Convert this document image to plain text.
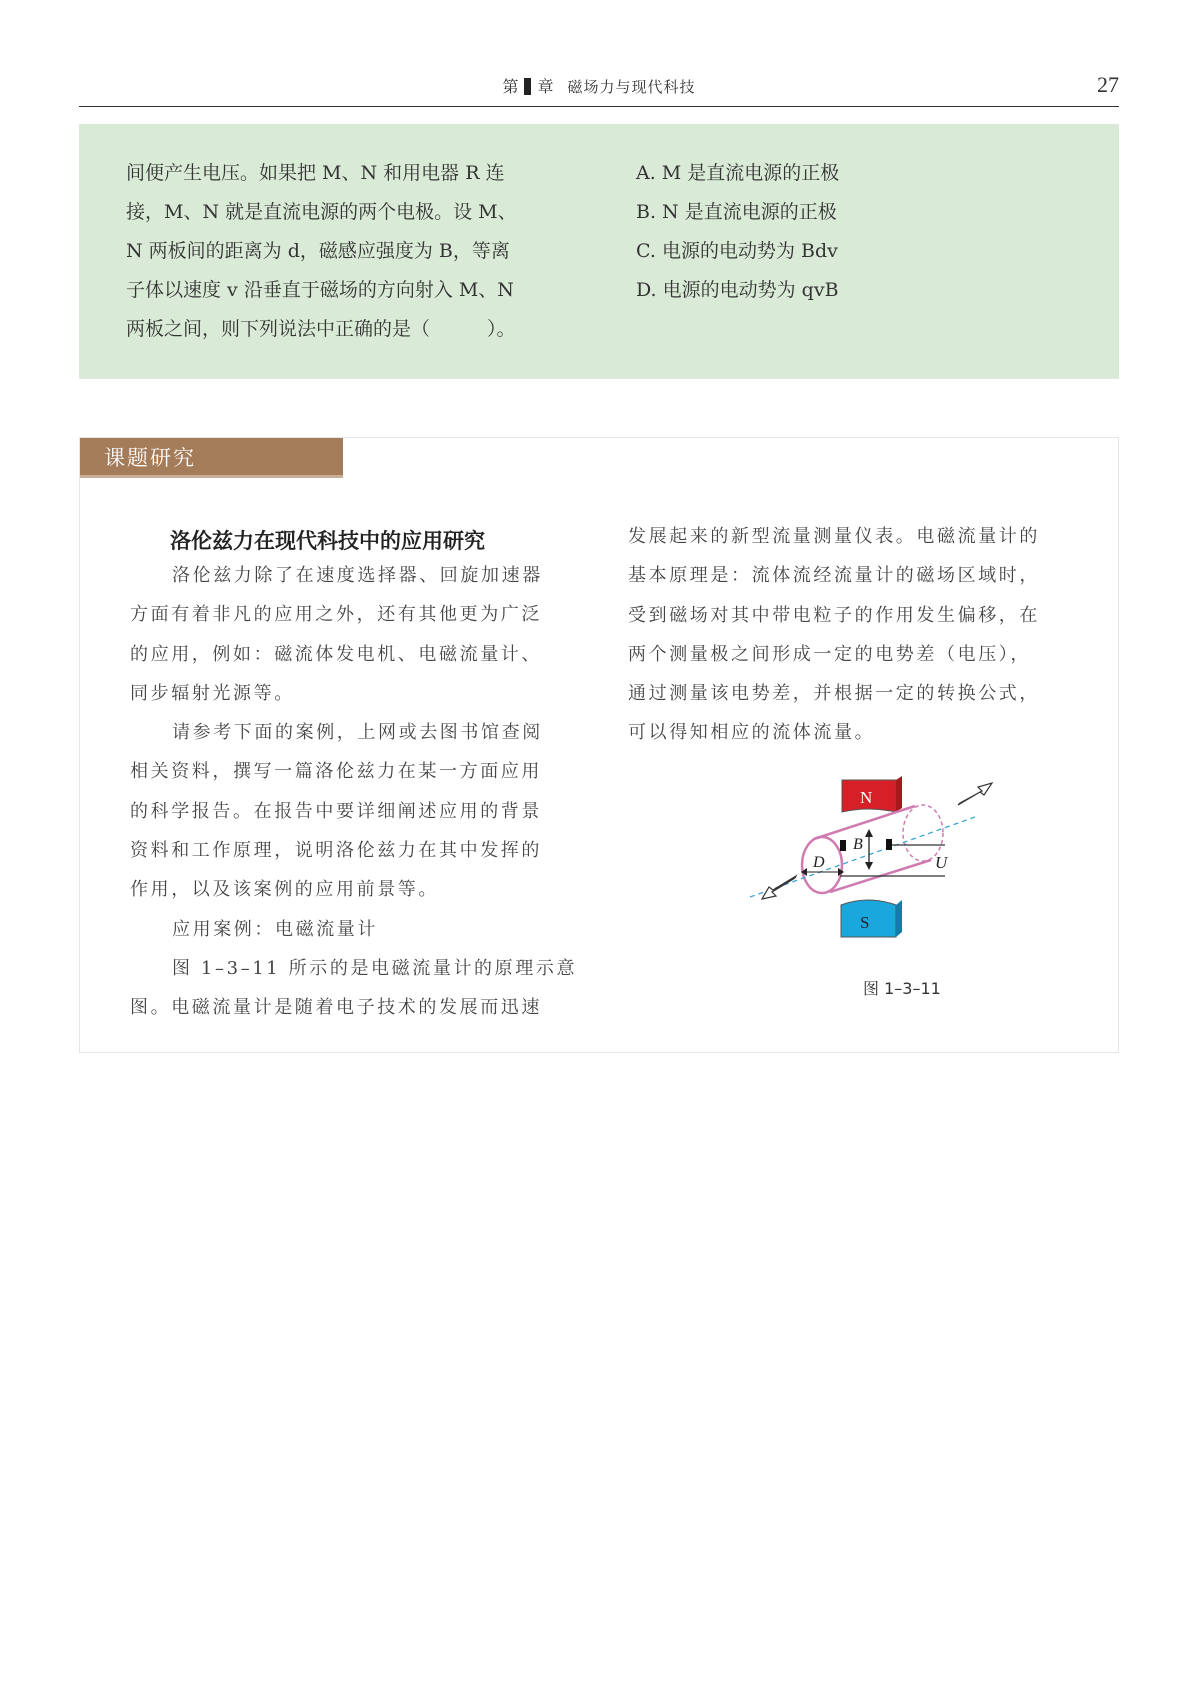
第 章 磁场力与现代科技	27

间便产生电压。如果把 M、N 和用电器 R 连

接，M、N 就是直流电源的两个电极。设 M、

N 两板间的距离为 d，磁感应强度为 B，等离

子体以速度 v 沿垂直于磁场的方向射入 M、N

两板之间，则下列说法中正确的是（　　　）。

A. M 是直流电源的正极

B. N 是直流电源的正极

C. 电源的电动势为 Bdv

D. 电源的电动势为 qvB

课题研究
洛伦兹力在现代科技中的应用研究

洛伦兹力除了在速度选择器、回旋加速器

方面有着非凡的应用之外，还有其他更为广泛

的应用，例如：磁流体发电机、电磁流量计、

同步辐射光源等。

请参考下面的案例，上网或去图书馆查阅

相关资料，撰写一篇洛伦兹力在某一方面应用

的科学报告。在报告中要详细阐述应用的背景

资料和工作原理，说明洛伦兹力在其中发挥的

作用，以及该案例的应用前景等。

应用案例：电磁流量计

图 1–3–11 所示的是电磁流量计的原理示意

图。电磁流量计是随着电子技术的发展而迅速

发展起来的新型流量测量仪表。电磁流量计的

基本原理是：流体流经流量计的磁场区域时，

受到磁场对其中带电粒子的作用发生偏移，在

两个测量极之间形成一定的电势差（电压），

通过测量该电势差，并根据一定的转换公式，

可以得知相应的流体流量。

N
S
B
D	U
图 1–3–11
